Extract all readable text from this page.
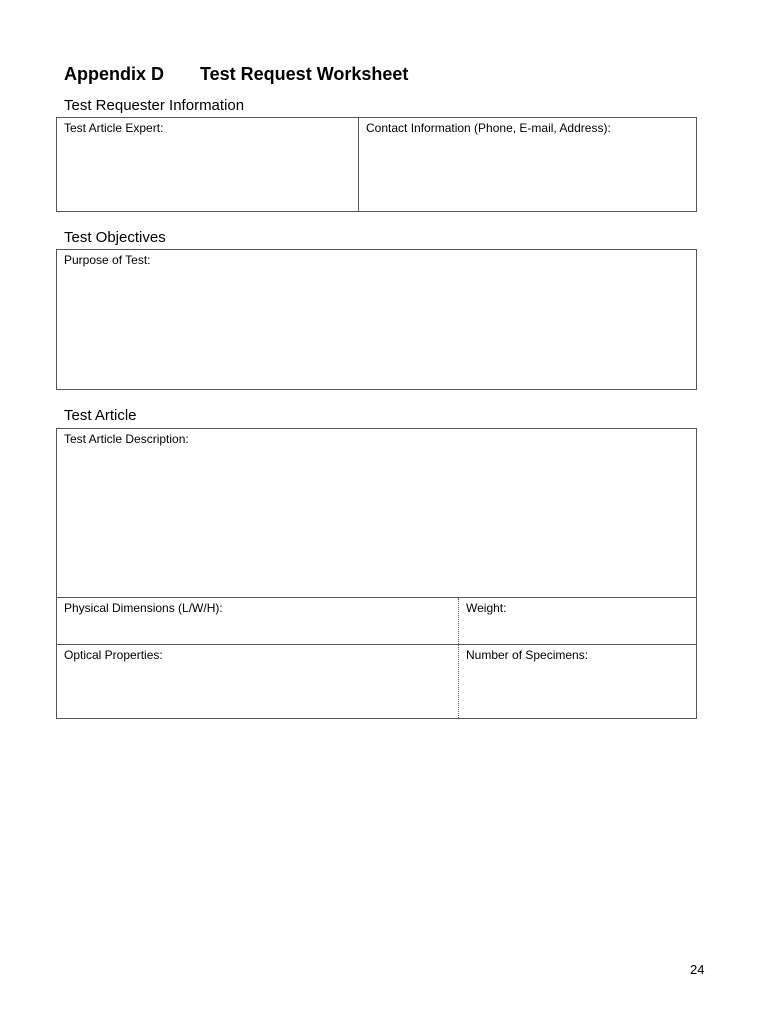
Appendix D Test Request Worksheet
Test Requester Information
Test Article Expert:	Contact Information (Phone, E-mail, Address):
Test Objectives
Purpose of Test:
Test Article
Test Article Description:
Physical Dimensions (L/W/H):	Weight:
Optical Properties:	Number of Specimens:
24
